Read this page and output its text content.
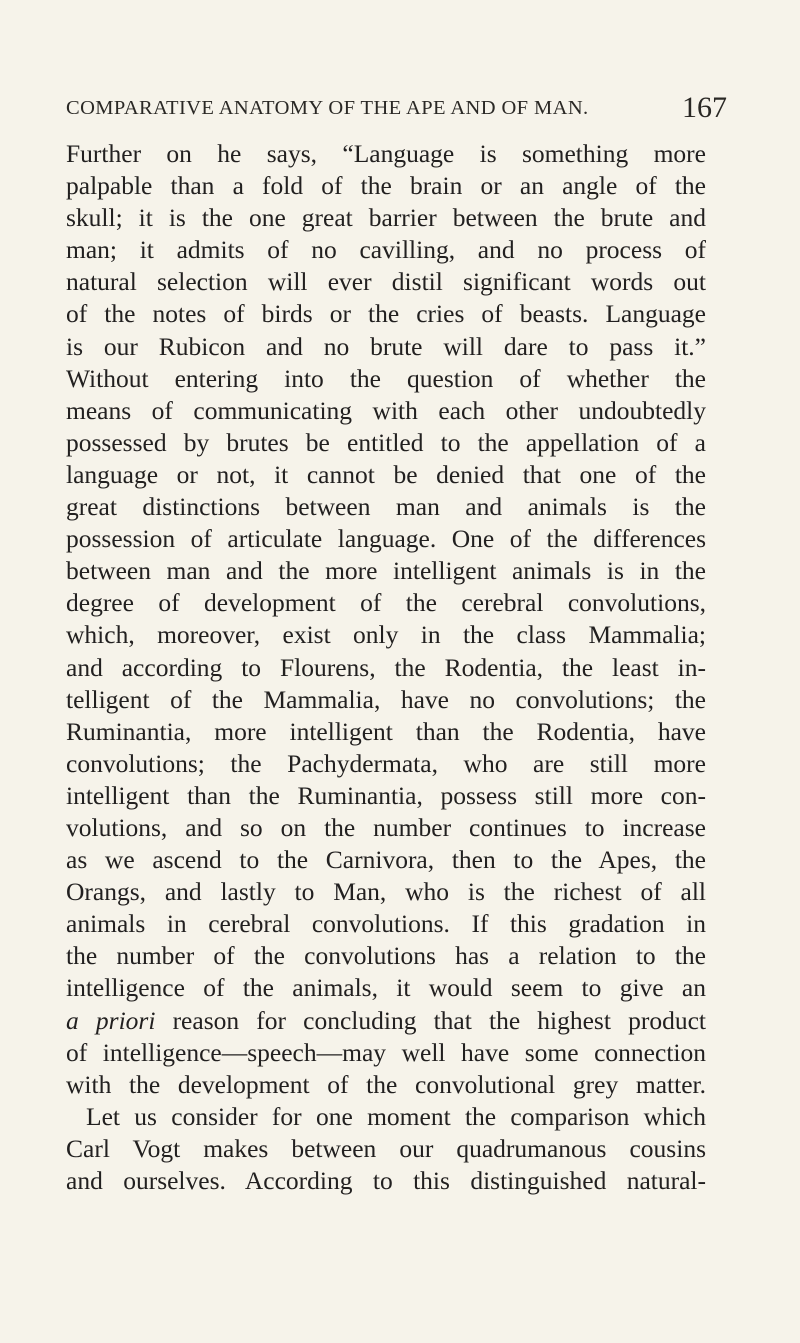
COMPARATIVE ANATOMY OF THE APE AND OF MAN.	167
Further on he says, “Language is something more
palpable than a fold of the brain or an angle of the
skull; it is the one great barrier between the brute and
man; it admits of no cavilling, and no process of
natural selection will ever distil significant words out
of the notes of birds or the cries of beasts. Language
is our Rubicon and no brute will dare to pass it.”
Without entering into the question of whether the
means of communicating with each other undoubtedly
possessed by brutes be entitled to the appellation of a
language or not, it cannot be denied that one of the
great distinctions between man and animals is the
possession of articulate language. One of the differences
between man and the more intelligent animals is in the
degree of development of the cerebral convolutions,
which, moreover, exist only in the class Mammalia;
and according to Flourens, the Rodentia, the least in-
telligent of the Mammalia, have no convolutions; the
Ruminantia, more intelligent than the Rodentia, have
convolutions; the Pachydermata, who are still more
intelligent than the Ruminantia, possess still more con-
volutions, and so on the number continues to increase
as we ascend to the Carnivora, then to the Apes, the
Orangs, and lastly to Man, who is the richest of all
animals in cerebral convolutions. If this gradation in
the number of the convolutions has a relation to the
intelligence of the animals, it would seem to give an
a priori reason for concluding that the highest product
of intelligence—speech—may well have some connection
with the development of the convolutional grey matter.
Let us consider for one moment the comparison which
Carl Vogt makes between our quadrumanous cousins
and ourselves. According to this distinguished natural-
